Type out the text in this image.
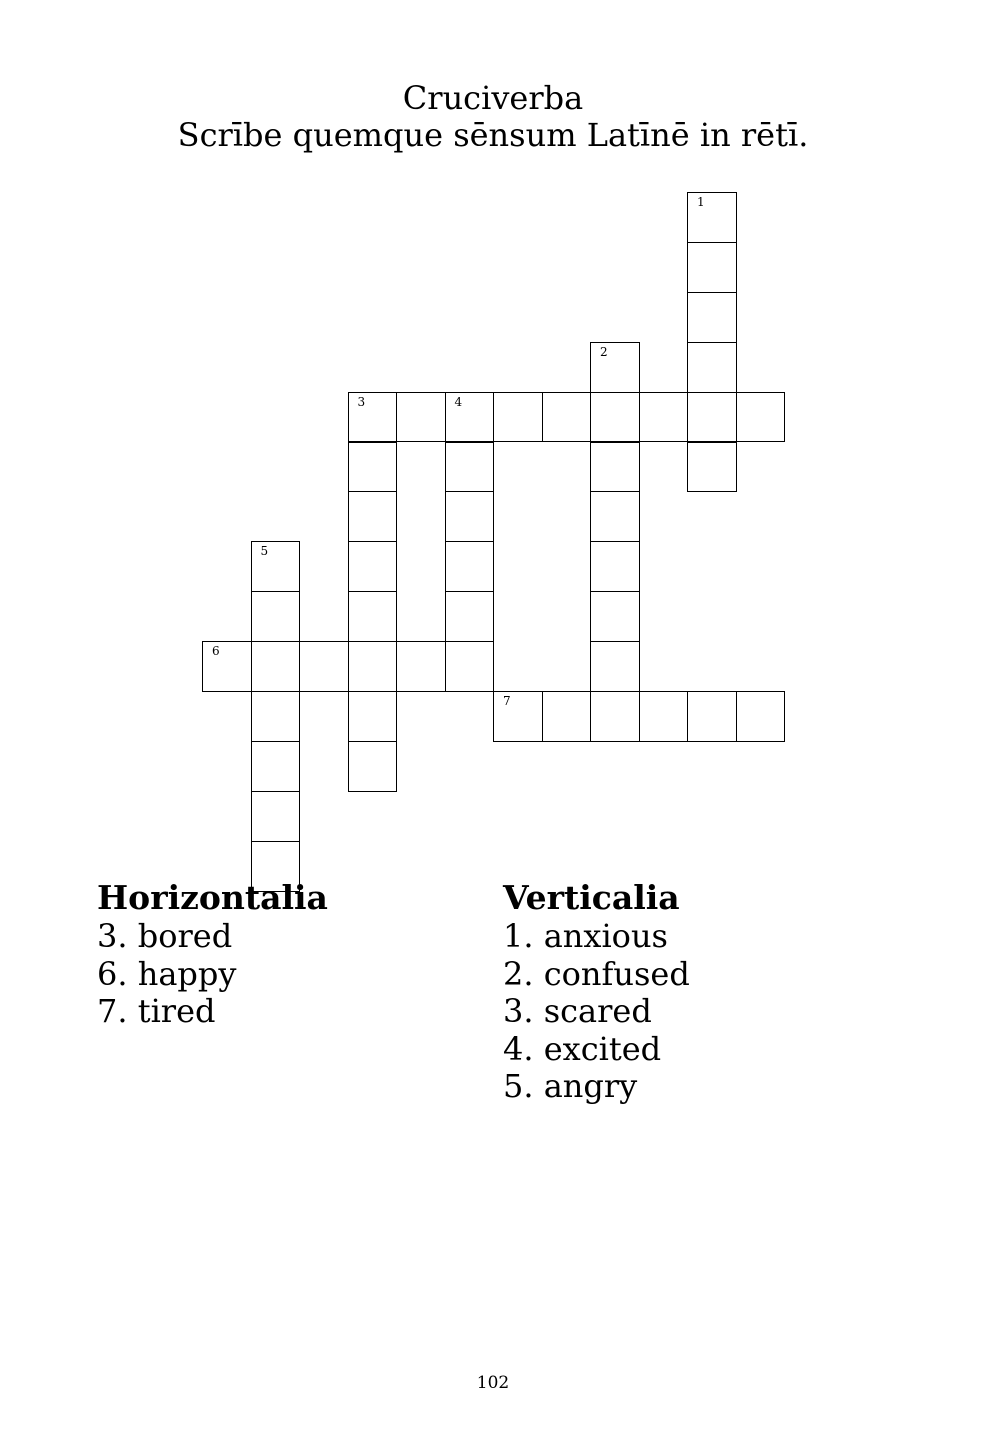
Cruciverba
Scrībe quemque sēnsum Latīnē in rētī.
1
2
3	4
5
6
7
Horizontalia
3. bored
6. happy
7. tired
Verticalia
1. anxious
2. confused
3. scared
4. excited
5. angry
102
